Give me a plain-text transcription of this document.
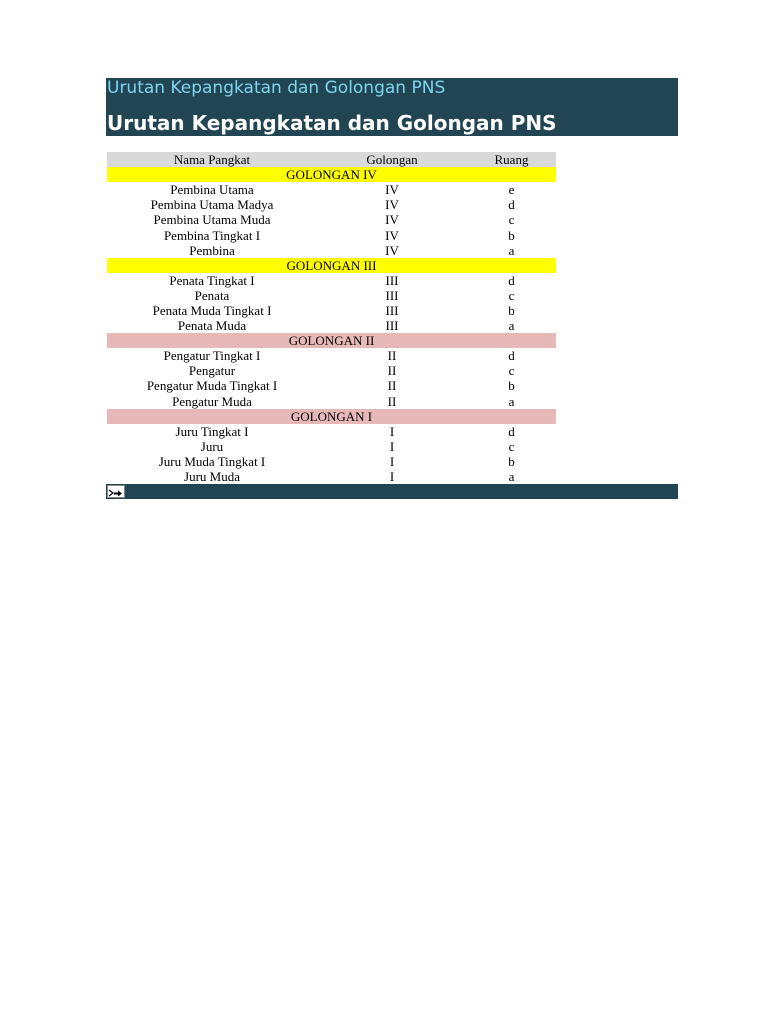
Urutan Kepangkatan dan Golongan PNS
Urutan Kepangkatan dan Golongan PNS
Nama Pangkat	Golongan	Ruang
GOLONGAN IV		
Pembina Utama	IV	e
Pembina Utama Madya	IV	d
Pembina Utama Muda	IV	c
Pembina Tingkat I	IV	b
Pembina	IV	a
GOLONGAN III		
Penata Tingkat I	III	d
Penata	III	c
Penata Muda Tingkat I	III	b
Penata Muda	III	a
GOLONGAN II		
Pengatur Tingkat I	II	d
Pengatur	II	c
Pengatur Muda Tingkat I	II	b
Pengatur Muda	II	a
GOLONGAN I		
Juru Tingkat I	I	d
Juru	I	c
Juru Muda Tingkat I	I	b
Juru Muda	I	a
